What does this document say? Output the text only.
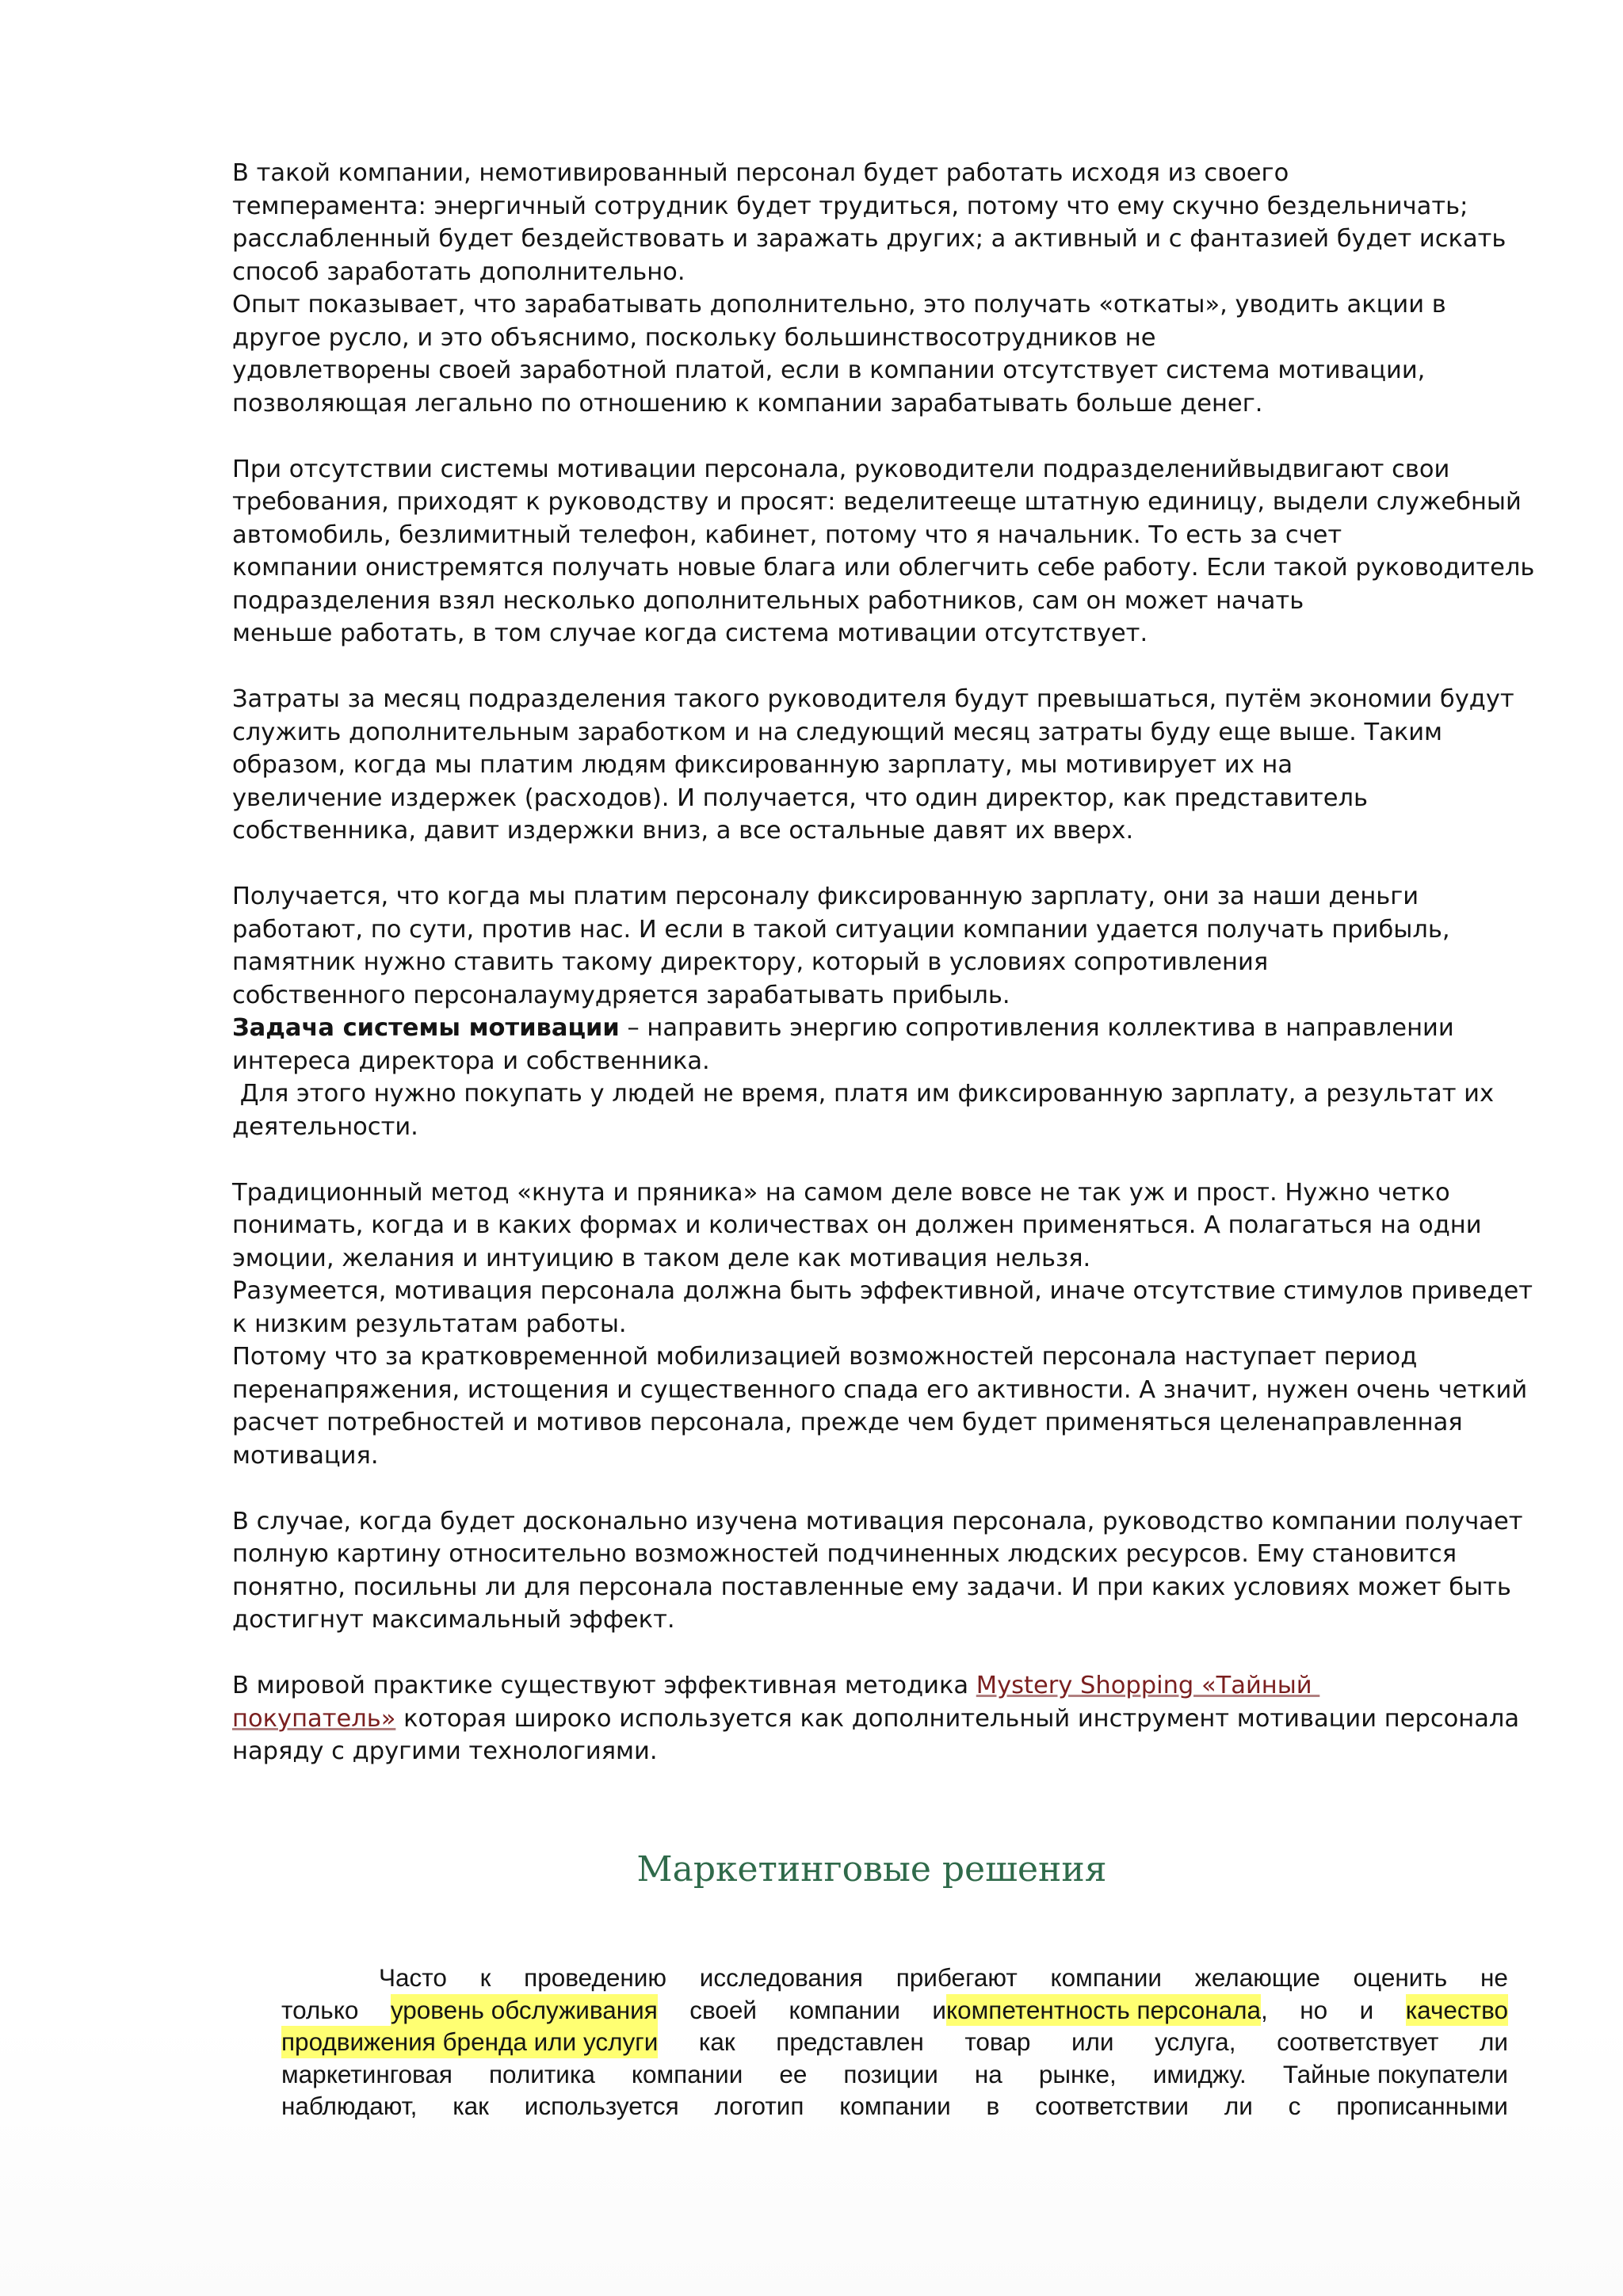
В такой компании, немотивированный персонал будет работать исходя из своего
темперамента: энергичный сотрудник будет трудиться, потому что ему скучно бездельничать;
расслабленный будет бездействовать и заражать других; а активный и с фантазией будет искать
способ заработать дополнительно.
Опыт показывает, что зарабатывать дополнительно, это получать «откаты», уводить акции в
другое русло, и это объяснимо, поскольку большинствосотрудников не
удовлетворены своей заработной платой, если в компании отсутствует система мотивации,
позволяющая легально по отношению к компании зарабатывать больше денег.
При отсутствии системы мотивации персонала, руководители подразделенийвыдвигают свои
требования, приходят к руководству и просят: веделитееще штатную единицу, выдели служебный
автомобиль, безлимитный телефон, кабинет, потому что я начальник. То есть за счет
компании онистремятся получать новые блага или облегчить себе работу. Если такой руководитель
подразделения взял несколько дополнительных работников, сам он может начать
меньше работать, в том случае когда система мотивации отсутствует.
Затраты за месяц подразделения такого руководителя будут превышаться, путём экономии будут
служить дополнительным заработком и на следующий месяц затраты буду еще выше. Таким
образом, когда мы платим людям фиксированную зарплату, мы мотивирует их на
увеличение издержек (расходов). И получается, что один директор, как представитель
собственника, давит издержки вниз, а все остальные давят их вверх.
Получается, что когда мы платим персоналу фиксированную зарплату, они за наши деньги
работают, по сути, против нас. И если в такой ситуации компании удается получать прибыль,
памятник нужно ставить такому директору, который в условиях сопротивления
собственного персоналаумудряется зарабатывать прибыль.
Задача системы мотивации – направить энергию сопротивления коллектива в направлении
интереса директора и собственника.
Для этого нужно покупать у людей не время, платя им фиксированную зарплату, а результат их
деятельности.
Традиционный метод «кнута и пряника» на самом деле вовсе не так уж и прост. Нужно четко
понимать, когда и в каких формах и количествах он должен применяться. А полагаться на одни
эмоции, желания и интуицию в таком деле как мотивация нельзя.
Разумеется, мотивация персонала должна быть эффективной, иначе отсутствие стимулов приведет
к низким результатам работы.
Потому что за кратковременной мобилизацией возможностей персонала наступает период
перенапряжения, истощения и существенного спада его активности. А значит, нужен очень четкий
расчет потребностей и мотивов персонала, прежде чем будет применяться целенаправленная
мотивация.
В случае, когда будет досконально изучена мотивация персонала, руководство компании получает
полную картину относительно возможностей подчиненных людских ресурсов. Ему становится
понятно, посильны ли для персонала поставленные ему задачи. И при каких условиях может быть
достигнут максимальный эффект.
В мировой практике существуют эффективная методика Mystery Shopping «Тайный
покупатель» которая широко используется как дополнительный инструмент мотивации персонала
наряду с другими технологиями.
Маркетинговые решения
Часто к проведению исследования прибегают компании желающие оценить не
только уровень обслуживания своей компании и компетентность персонала , но и качество
продвижения бренда или услуги как представлен товар или услуга, соответствует ли
маркетинговая политика компании ее позиции на рынке, имиджу. Тайные покупатели
наблюдают, как используется логотип компании в соответствии ли с прописанными
